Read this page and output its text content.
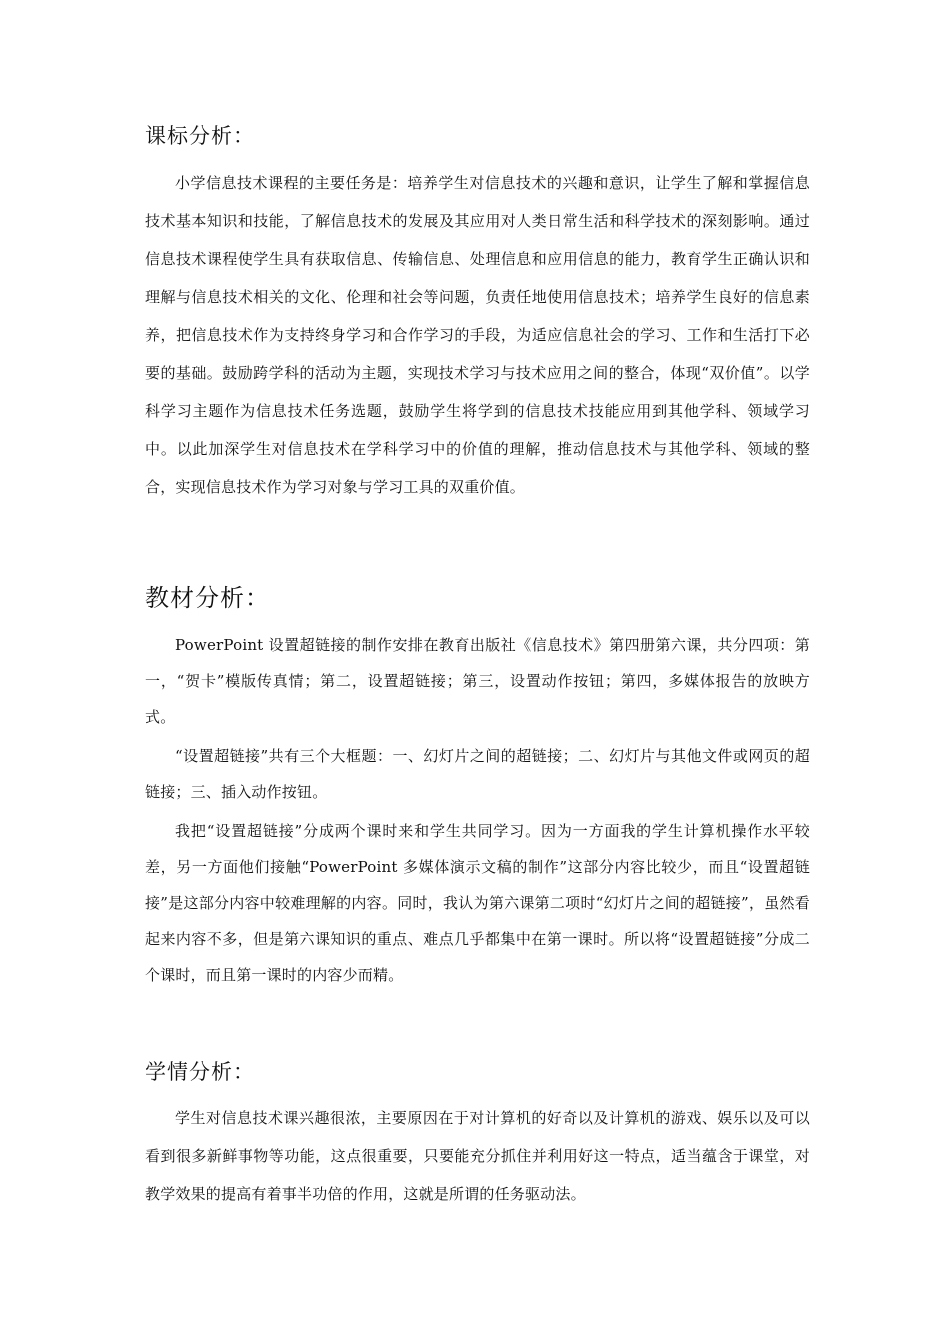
课标分析：

小学信息技术课程的主要任务是：培养学生对信息技术的兴趣和意识，让学生了解和掌握信息技术基本知识和技能，了解信息技术的发展及其应用对人类日常生活和科学技术的深刻影响。通过信息技术课程使学生具有获取信息、传输信息、处理信息和应用信息的能力，教育学生正确认识和理解与信息技术相关的文化、伦理和社会等问题，负责任地使用信息技术；培养学生良好的信息素养，把信息技术作为支持终身学习和合作学习的手段，为适应信息社会的学习、工作和生活打下必要的基础。鼓励跨学科的活动为主题，实现技术学习与技术应用之间的整合，体现“双价值”。以学科学习主题作为信息技术任务选题，鼓励学生将学到的信息技术技能应用到其他学科、领域学习中。以此加深学生对信息技术在学科学习中的价值的理解，推动信息技术与其他学科、领域的整合，实现信息技术作为学习对象与学习工具的双重价值。

教材分析：

PowerPoint 设置超链接的制作安排在教育出版社《信息技术》第四册第六课，共分四项：第一，“贺卡”模版传真情；第二，设置超链接；第三，设置动作按钮；第四，多媒体报告的放映方式。

“设置超链接”共有三个大框题：一、幻灯片之间的超链接；二、幻灯片与其他文件或网页的超链接；三、插入动作按钮。

我把“设置超链接”分成两个课时来和学生共同学习。因为一方面我的学生计算机操作水平较差，另一方面他们接触“PowerPoint 多媒体演示文稿的制作”这部分内容比较少，而且“设置超链接”是这部分内容中较难理解的内容。同时，我认为第六课第二项时“幻灯片之间的超链接”，虽然看起来内容不多，但是第六课知识的重点、难点几乎都集中在第一课时。所以将“设置超链接”分成二个课时，而且第一课时的内容少而精。

学情分析：

学生对信息技术课兴趣很浓，主要原因在于对计算机的好奇以及计算机的游戏、娱乐以及可以看到很多新鲜事物等功能，这点很重要，只要能充分抓住并利用好这一特点，适当蕴含于课堂，对教学效果的提高有着事半功倍的作用，这就是所谓的任务驱动法。
